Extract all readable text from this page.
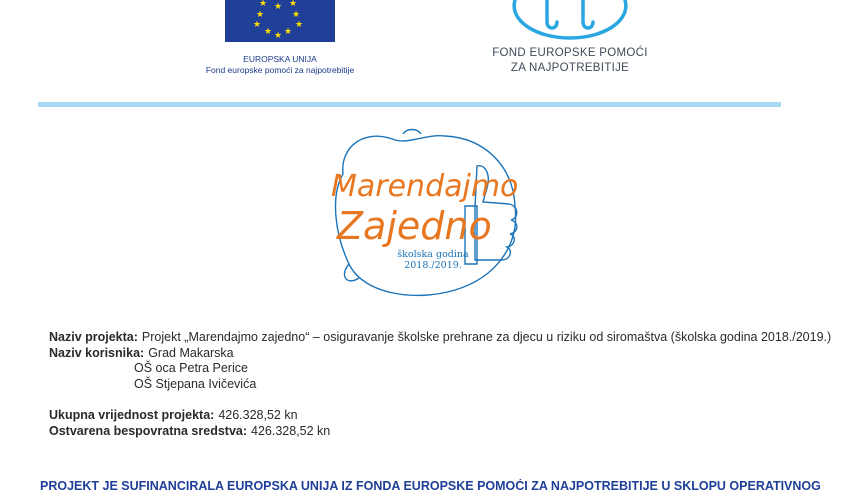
★
★	★
★	★
★ ★
★
★ ★
EUROPSKA UNIJA
Fond europske pomoći za najpotrebitije
FOND EUROPSKE POMOĆI
ZA NAJPOTREBITIJE
Marendajmo
Zajedno
školska godina
2018./2019.
Naziv projekta: Projekt „Marendajmo zajedno“ – osiguravanje školske prehrane za djecu u riziku od siromaštva (školska godina 2018./2019.)
Naziv korisnika: Grad Makarska
OŠ oca Petra Perice
OŠ Stjepana Ivičevića
Ukupna vrijednost projekta: 426.328,52 kn
Ostvarena bespovratna sredstva: 426.328,52 kn
PROJEKT JE SUFINANCIRALA EUROPSKA UNIJA IZ FONDA EUROPSKE POMOĆI ZA NAJPOTREBITIJE U SKLOPU OPERATIVNOG
